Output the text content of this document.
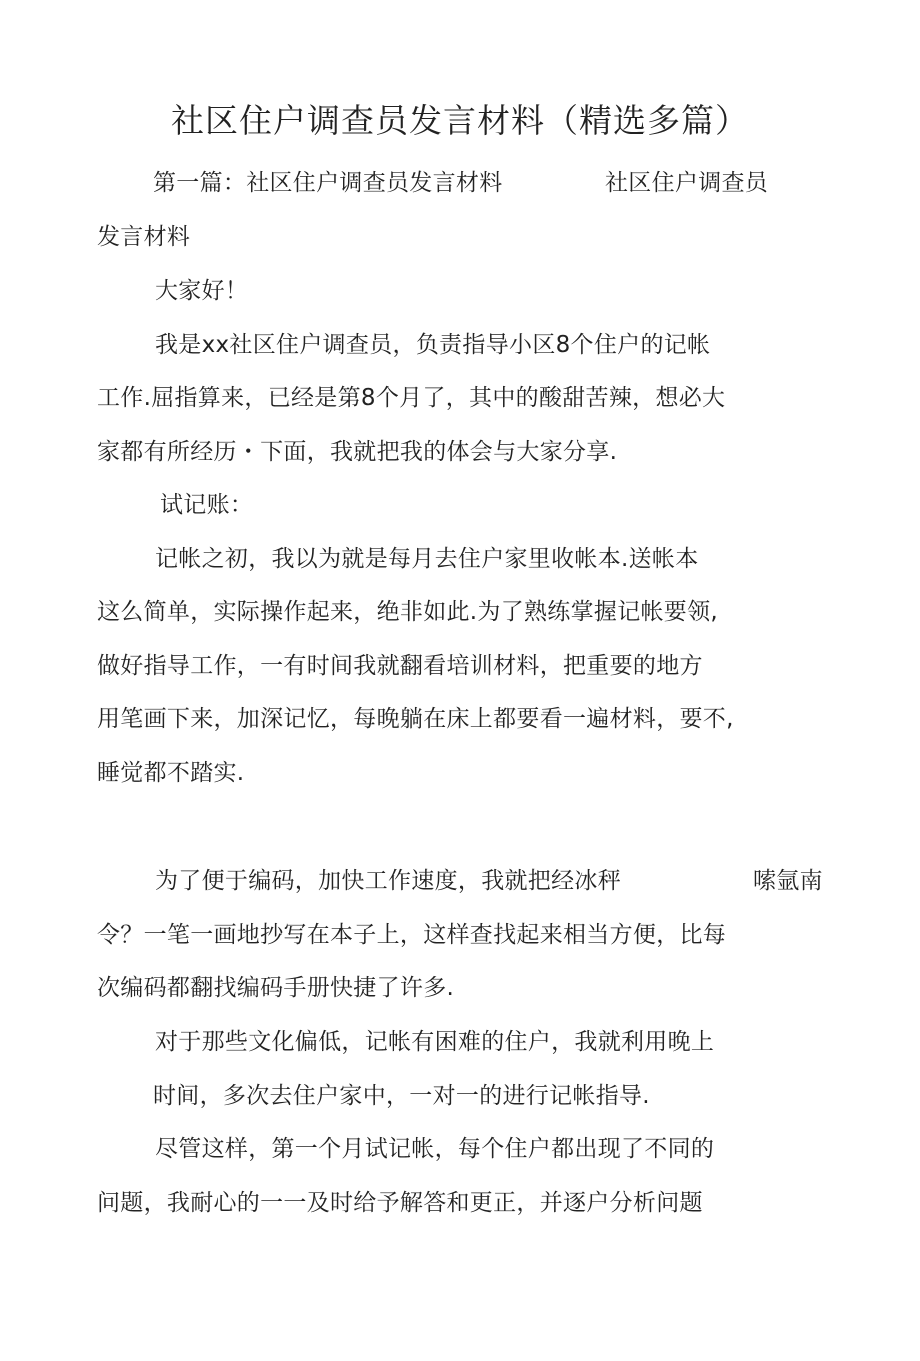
社区住户调查员发言材料（精选多篇）
第一篇：社区住户调查员发言材料	社区住户调查员
发言材料
大家好！
我是xx社区住户调查员，负责指导小区8个住户的记帐
工作.屈指算来，已经是第8个月了，其中的酸甜苦辣，想必大
家都有所经历・下面，我就把我的体会与大家分享.
试记账：
记帐之初，我以为就是每月去住户家里收帐本.送帐本
这么简单，实际操作起来，绝非如此.为了熟练掌握记帐要领,
做好指导工作，一有时间我就翻看培训材料，把重要的地方
用笔画下来，加深记忆，每晚躺在床上都要看一遍材料，要不,
睡觉都不踏实.
为了便于编码，加快工作速度，我就把经冰秤	嗦氩南
令？一笔一画地抄写在本子上，这样查找起来相当方便，比每
次编码都翻找编码手册快捷了许多.
对于那些文化偏低，记帐有困难的住户，我就利用晚上
时间，多次去住户家中，一对一的进行记帐指导.
尽管这样，第一个月试记帐，每个住户都出现了不同的
问题，我耐心的一一及时给予解答和更正，并逐户分析问题
